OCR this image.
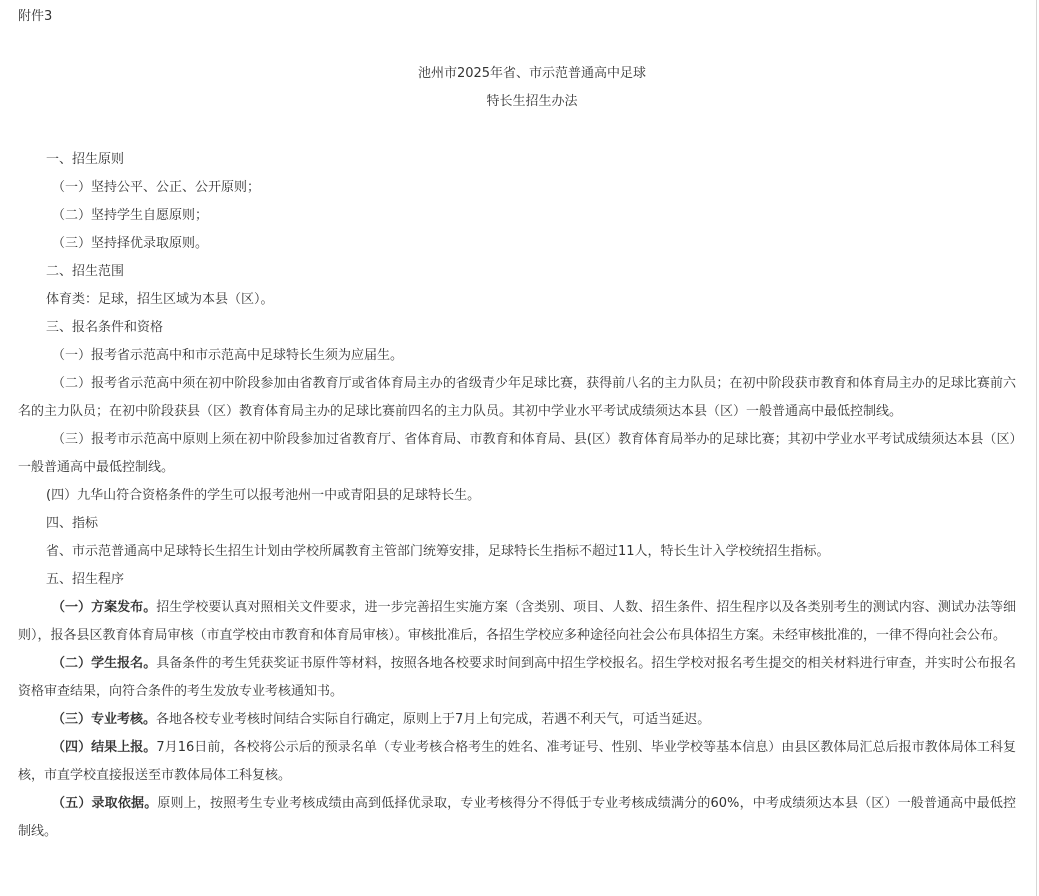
附件3
池州市2025年省、市示范普通高中足球
特长生招生办法

一、招生原则

（一）坚持公平、公正、公开原则；

（二）坚持学生自愿原则；

（三）坚持择优录取原则。

二、招生范围

体育类：足球，招生区域为本县（区）。

三、报名条件和资格

（一）报考省示范高中和市示范高中足球特长生须为应届生。

（二）报考省示范高中须在初中阶段参加由省教育厅或省体育局主办的省级青少年足球比赛，获得前八名的主力队员；在初中阶段获市教育和体育局主办的足球比赛前六名的主力队员；在初中阶段获县（区）教育体育局主办的足球比赛前四名的主力队员。其初中学业水平考试成绩须达本县（区）一般普通高中最低控制线。

（三）报考市示范高中原则上须在初中阶段参加过省教育厅、省体育局、市教育和体育局、县(区）教育体育局举办的足球比赛；其初中学业水平考试成绩须达本县（区）一般普通高中最低控制线。

(四）九华山符合资格条件的学生可以报考池州一中或青阳县的足球特长生。

四、指标

省、市示范普通高中足球特长生招生计划由学校所属教育主管部门统筹安排，足球特长生指标不超过11人，特长生计入学校统招生指标。

五、招生程序

（一）方案发布。招生学校要认真对照相关文件要求，进一步完善招生实施方案（含类别、项目、人数、招生条件、招生程序以及各类别考生的测试内容、测试办法等细则），报各县区教育体育局审核（市直学校由市教育和体育局审核）。审核批准后，各招生学校应多种途径向社会公布具体招生方案。未经审核批准的，一律不得向社会公布。

（二）学生报名。具备条件的考生凭获奖证书原件等材料，按照各地各校要求时间到高中招生学校报名。招生学校对报名考生提交的相关材料进行审查，并实时公布报名资格审查结果，向符合条件的考生发放专业考核通知书。

（三）专业考核。各地各校专业考核时间结合实际自行确定，原则上于7月上旬完成，若遇不利天气，可适当延迟。

（四）结果上报。7月16日前，各校将公示后的预录名单（专业考核合格考生的姓名、准考证号、性别、毕业学校等基本信息）由县区教体局汇总后报市教体局体工科复核，市直学校直接报送至市教体局体工科复核。

（五）录取依据。原则上，按照考生专业考核成绩由高到低择优录取，专业考核得分不得低于专业考核成绩满分的60%，中考成绩须达本县（区）一般普通高中最低控制线。
